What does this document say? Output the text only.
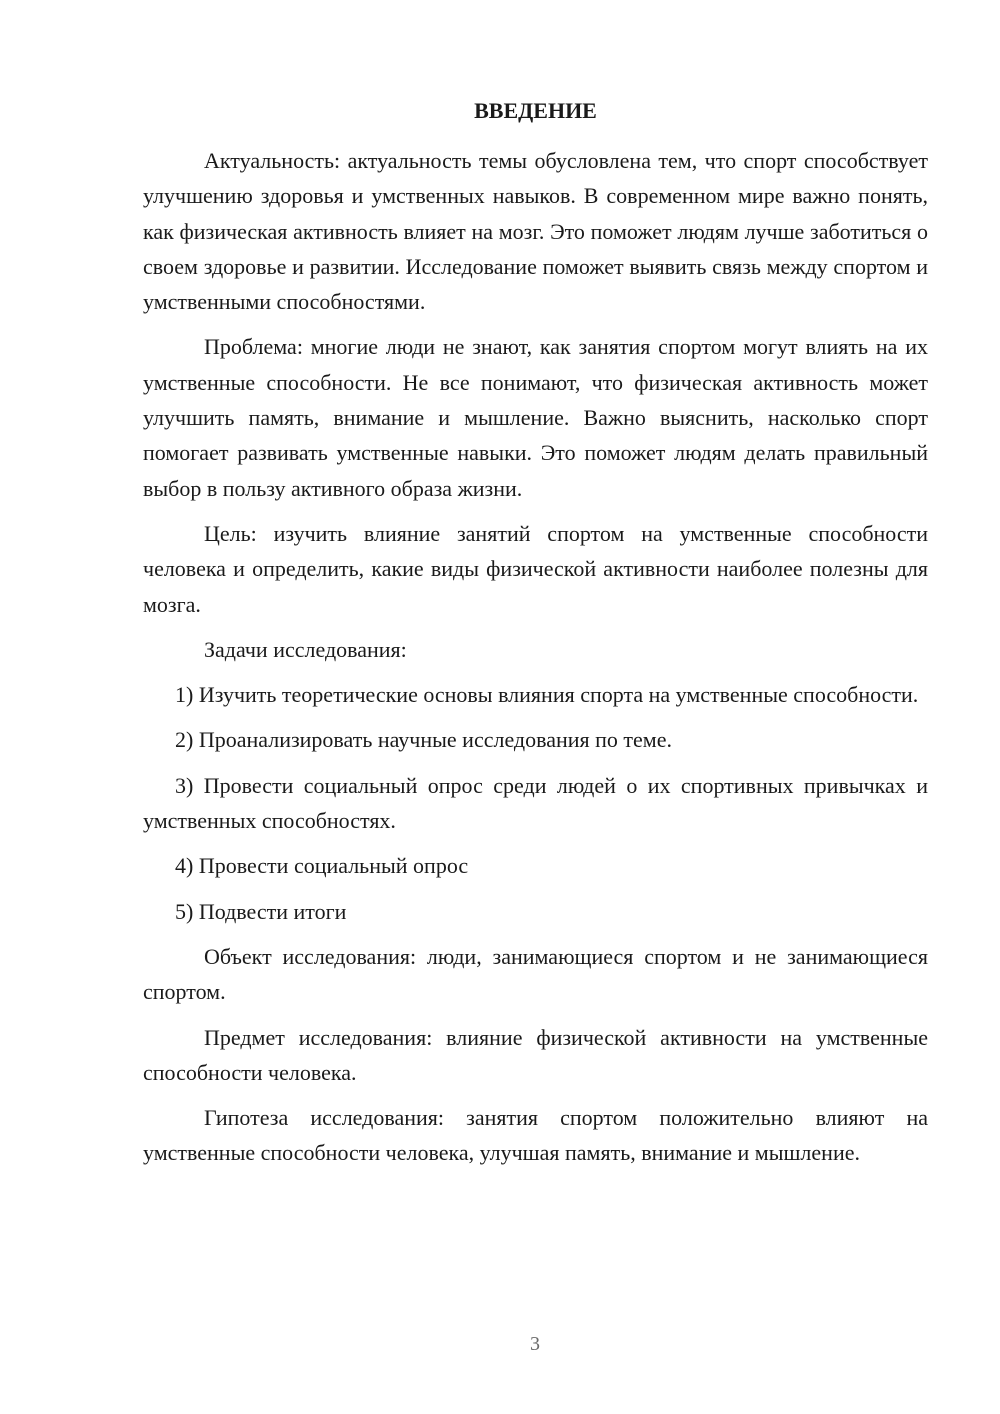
ВВЕДЕНИЕ

Актуальность: актуальность темы обусловлена тем, что спорт способствует улучшению здоровья и умственных навыков. В современном мире важно понять, как физическая активность влияет на мозг. Это поможет людям лучше заботиться о своем здоровье и развитии. Исследование поможет выявить связь между спортом и умственными способностями.

Проблема: многие люди не знают, как занятия спортом могут влиять на их умственные способности. Не все понимают, что физическая активность может улучшить память, внимание и мышление. Важно выяснить, насколько спорт помогает развивать умственные навыки. Это поможет людям делать правильный выбор в пользу активного образа жизни.

Цель: изучить влияние занятий спортом на умственные способности человека и определить, какие виды физической активности наиболее полезны для мозга.

Задачи исследования:

1) Изучить теоретические основы влияния спорта на умственные способности.

2) Проанализировать научные исследования по теме.

3) Провести социальный опрос среди людей о их спортивных привычках и умственных способностях.

4) Провести социальный опрос

5) Подвести итоги

Объект исследования: люди, занимающиеся спортом и не занимающиеся спортом.

Предмет исследования: влияние физической активности на умственные способности человека.

Гипотеза исследования: занятия спортом положительно влияют на умственные способности человека, улучшая память, внимание и мышление.

3
